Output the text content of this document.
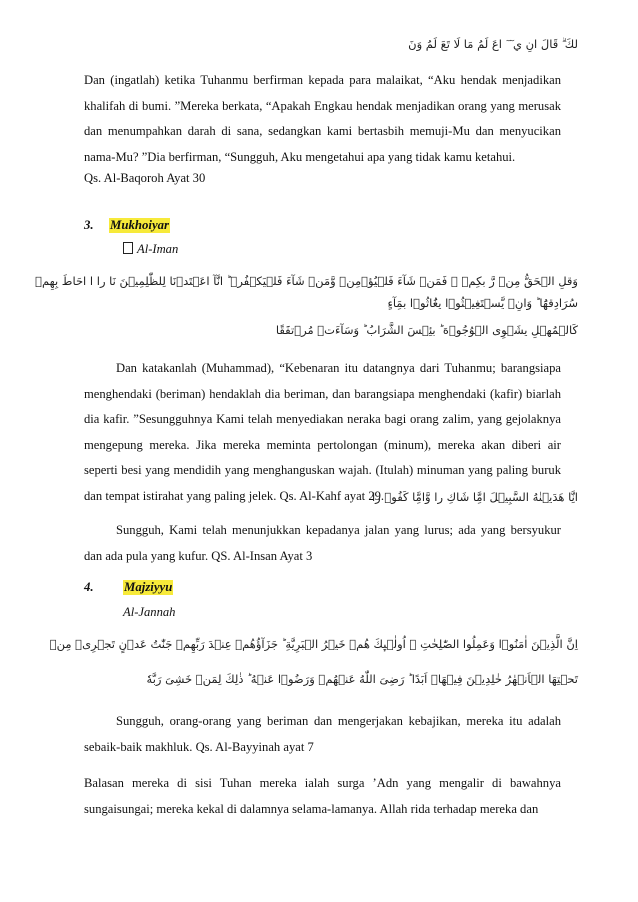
لكَ ۗ قَالَ انِ ي ٓ ٓ اعَ لَمُ مَا لَا تَعَ لَمُ وَنَ

Dan (ingatlah) ketika Tuhanmu berfirman kepada para malaikat, “Aku hendak menjadikan khalifah di bumi. ”Mereka berkata, “Apakah Engkau hendak menjadikan orang yang merusak dan menumpahkan darah di sana, sedangkan kami bertasbih memuji-Mu dan menyucikan nama-Mu? ”Dia berfirman, “Sungguh, Aku mengetahui apa yang tidak kamu ketahui.

Qs. Al-Baqoroh Ayat 30
3. Mukhoiyar
Al-Iman
وَقلِ الۡحَقُّ مِنۡ رَّ بكِمۡ ۗ فَمَنۡ شَآءَ فَلۡيُؤۡمِنۡ وَّمَنۡ شَآءَ فَلۡيَكۡفُرۡ ؕ انَّآ اعَۡتَدۡنَا لِلظّٰلِمِيۡنَ نَا را ا احَاطَ بِهِمۡ
سُرَادِقهَُا ؕ وَانِۡ يَّسۡتَغِيۡثُوۡا يغَُاثُوۡا بمَِآءٍ
كَالۡمُهۡلِ يشَۡوِى الۡوُجُوۡهَ ؕ بئِۡسَ الشَّرَابُ ؕ وَسَآءَتۡ مُرۡتفََقًا

Dan katakanlah (Muhammad), “Kebenaran itu datangnya dari Tuhanmu; barangsiapa menghendaki (beriman) hendaklah dia beriman, dan barangsiapa menghendaki (kafir) biarlah dia kafir. ”Sesungguhnya Kami telah menyediakan neraka bagi orang zalim, yang gejolaknya mengepung mereka. Jika mereka meminta pertolongan (minum), mereka akan diberi air seperti besi yang mendidih yang menghanguskan wajah. (Itulah) minuman yang paling buruk dan tempat istirahat yang paling jelek. Qs. Al-Kahf ayat 29.

انَِّا هَدَيۡنٰهُ السَّبِيۡلَ امَِّا شَاكِ را وَّامَِّا كَفُوۡ را

Sungguh, Kami telah menunjukkan kepadanya jalan yang lurus; ada yang bersyukur dan ada pula yang kufur. QS. Al-Insan Ayat 3

4. Majziyyu
Al-Jannah
اِنَّ الَّذِيۡنَ اٰمَنُوۡا وَعَمِلُوا الصّٰلِحٰتِ ۙ اُولٰۤٮِٕكَ هُمۡ خَيۡرُ الۡبَرِيَّةِ ؕ جَزَآؤُهُمۡ عِنۡدَ رَبِّهِمۡ جَنّٰتُ عَدۡنٍ تَجۡرِىۡ مِنۡ
تَحۡتِهَا الۡاَنۡهٰرُ خٰلِدِيۡنَ فِيۡهَاۤ اَبَدًا ؕ رَضِىَ اللّٰهُ عَنۡهُمۡ وَرَضُوۡا عَنۡهُ ؕ ذٰلِكَ لِمَنۡ خَشِىَ رَبَّهٗ

Sungguh, orang-orang yang beriman dan mengerjakan kebajikan, mereka itu adalah sebaik-baik makhluk. Qs. Al-Bayyinah ayat 7

Balasan mereka di sisi Tuhan mereka ialah surga ’Adn yang mengalir di bawahnya sungaisungai; mereka kekal di dalamnya selama-lamanya. Allah rida terhadap mereka dan
